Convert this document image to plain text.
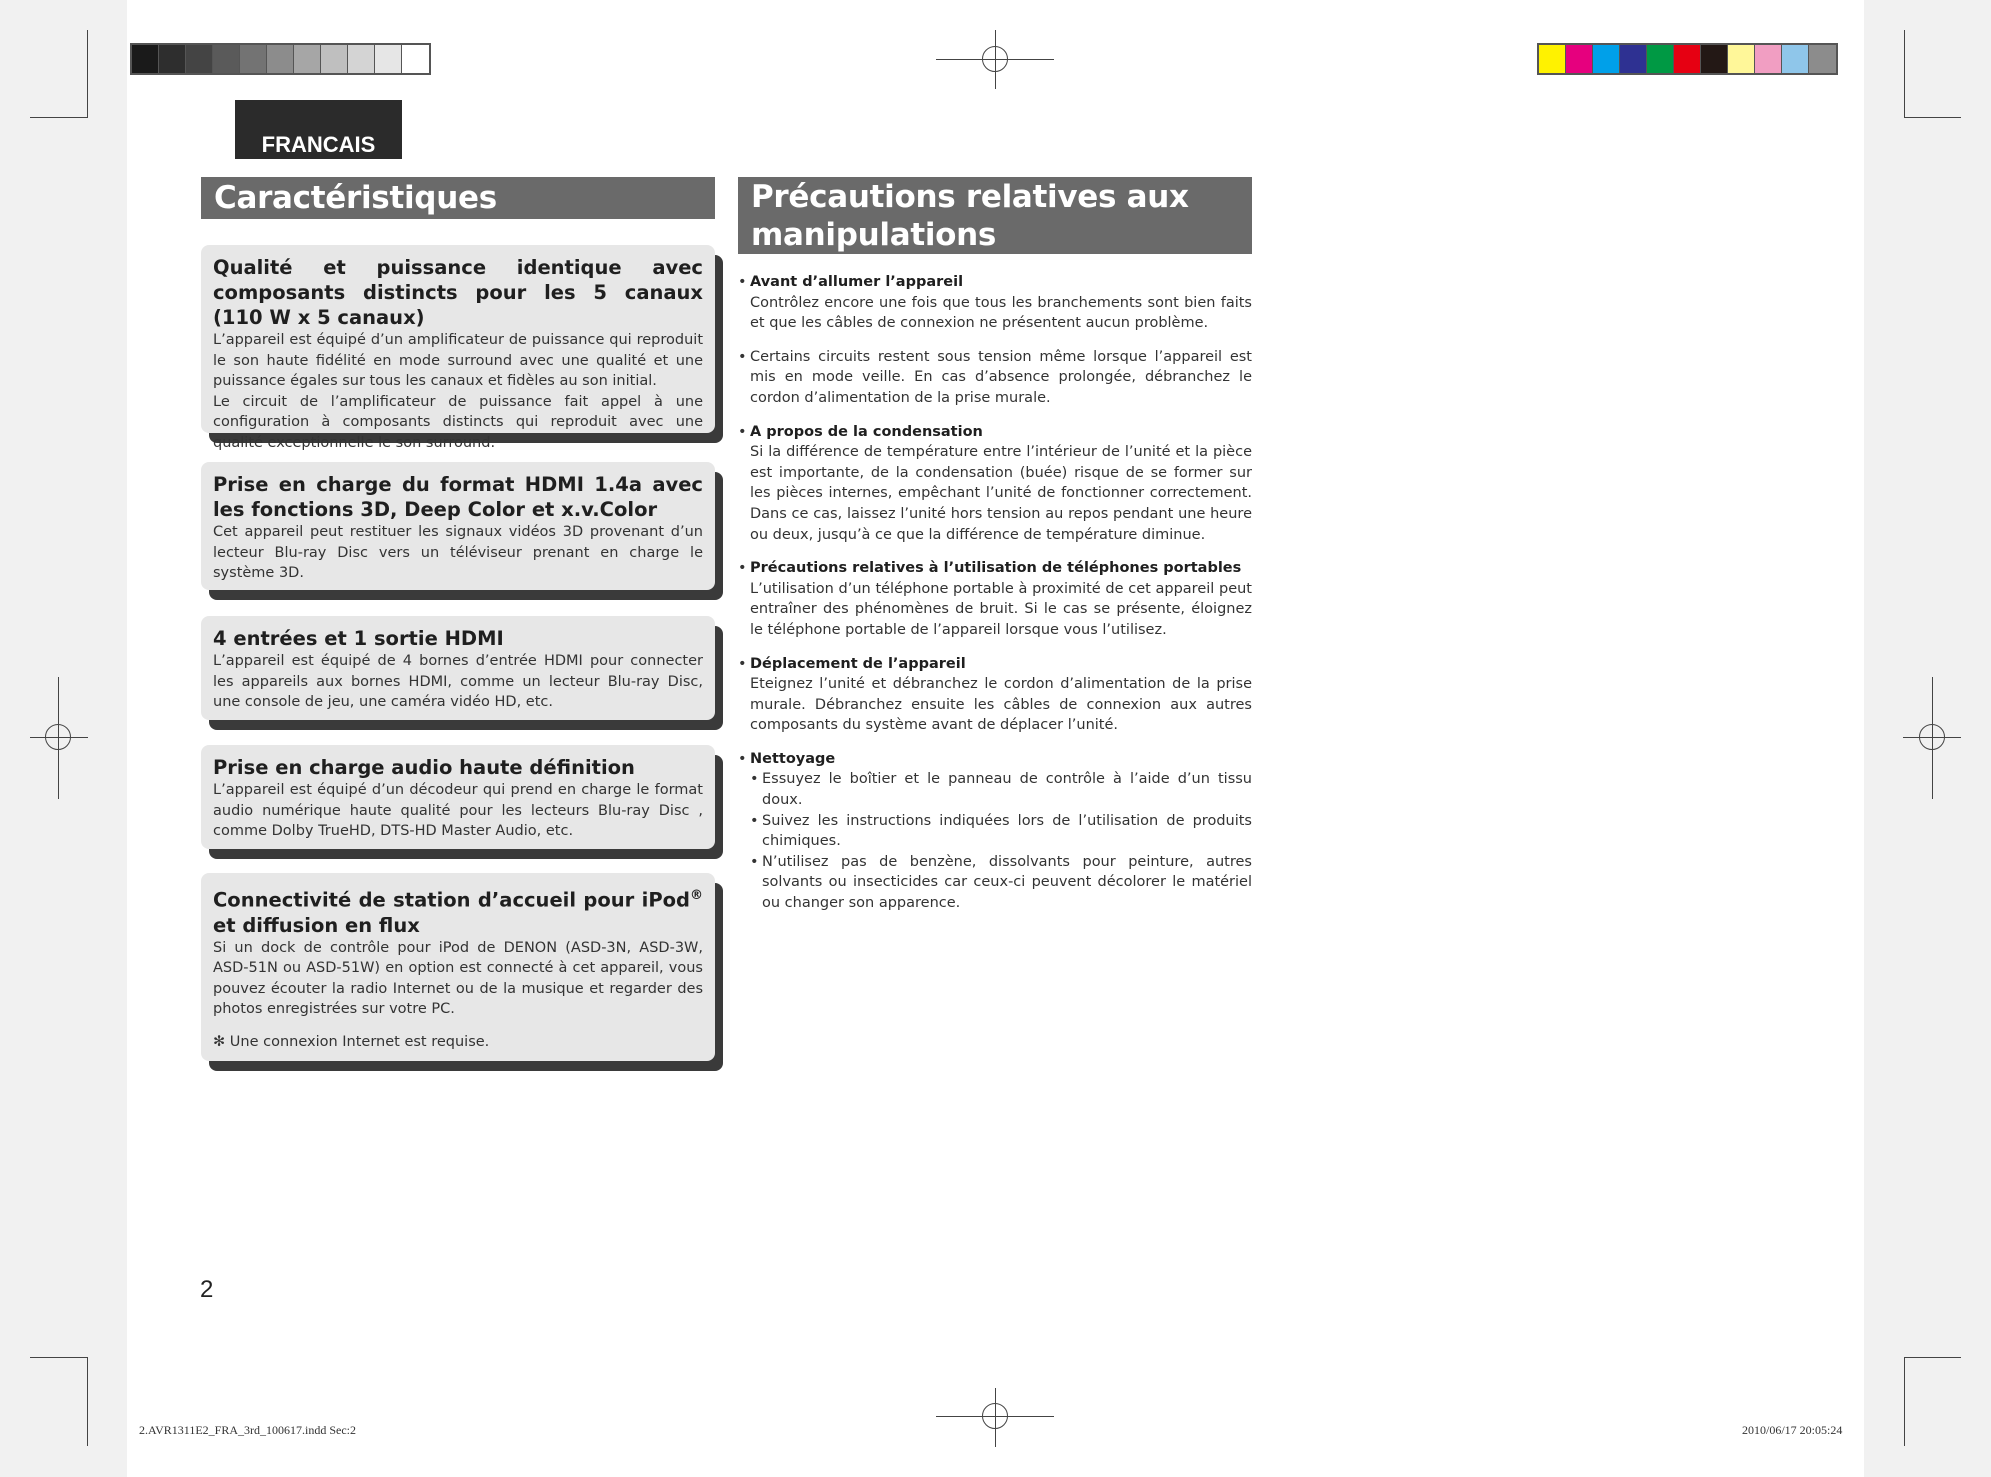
FRANCAIS
Caractéristiques	Précautions relatives aux
manipulations
Qualité et puissance identique avec composants distincts pour les 5 canaux (110 W x 5 canaux)
L’appareil est équipé d’un amplificateur de puissance qui reproduit le son haute fidélité en mode surround avec une qualité et une puissance égales sur tous les canaux et fidèles au son initial.
Le circuit de l’amplificateur de puissance fait appel à une configuration à composants distincts qui reproduit avec une qualité exceptionnelle le son surround.
Prise en charge du format HDMI 1.4a avec les fonctions 3D, Deep Color et x.v.Color
Cet appareil peut restituer les signaux vidéos 3D provenant d’un lecteur Blu-ray Disc vers un téléviseur prenant en charge le système 3D.
4 entrées et 1 sortie HDMI
L’appareil est équipé de 4 bornes d’entrée HDMI pour connecter les appareils aux bornes HDMI, comme un lecteur Blu-ray Disc, une console de jeu, une caméra vidéo HD, etc.
Prise en charge audio haute définition
L’appareil est équipé d’un décodeur qui prend en charge le format audio numérique haute qualité pour les lecteurs Blu-ray Disc , comme Dolby TrueHD, DTS-HD Master Audio, etc.
Connectivité de station d’accueil pour iPod® et diffusion en flux
Si un dock de contrôle pour iPod de DENON (ASD-3N, ASD-3W, ASD-51N ou ASD-51W) en option est connecté à cet appareil, vous pouvez écouter la radio Internet ou de la musique et regarder des photos enregistrées sur votre PC.
✻ Une connexion Internet est requise.
• Avant d’allumer l’appareil
Contrôlez encore une fois que tous les branchements sont bien faits et que les câbles de connexion ne présentent aucun problème.
• Certains circuits restent sous tension même lorsque l’appareil est mis en mode veille. En cas d’absence prolongée, débranchez le cordon d’alimentation de la prise murale.
• A propos de la condensation
Si la différence de température entre l’intérieur de l’unité et la pièce est importante, de la condensation (buée) risque de se former sur les pièces internes, empêchant l’unité de fonctionner correctement. Dans ce cas, laissez l’unité hors tension au repos pendant une heure ou deux, jusqu’à ce que la différence de température diminue.
• Précautions relatives à l’utilisation de téléphones portables
L’utilisation d’un téléphone portable à proximité de cet appareil peut entraîner des phénomènes de bruit. Si le cas se présente, éloignez le téléphone portable de l’appareil lorsque vous l’utilisez.
• Déplacement de l’appareil
Eteignez l’unité et débranchez le cordon d’alimentation de la prise murale. Débranchez ensuite les câbles de connexion aux autres composants du système avant de déplacer l’unité.
• Nettoyage
• Essuyez le boîtier et le panneau de contrôle à l’aide d’un tissu doux.
• Suivez les instructions indiquées lors de l’utilisation de produits chimiques.
• N’utilisez pas de benzène, dissolvants pour peinture, autres solvants ou insecticides car ceux-ci peuvent décolorer le matériel ou changer son apparence.
2
2.AVR1311E2_FRA_3rd_100617.indd Sec:2	2010/06/17 20:05:24
